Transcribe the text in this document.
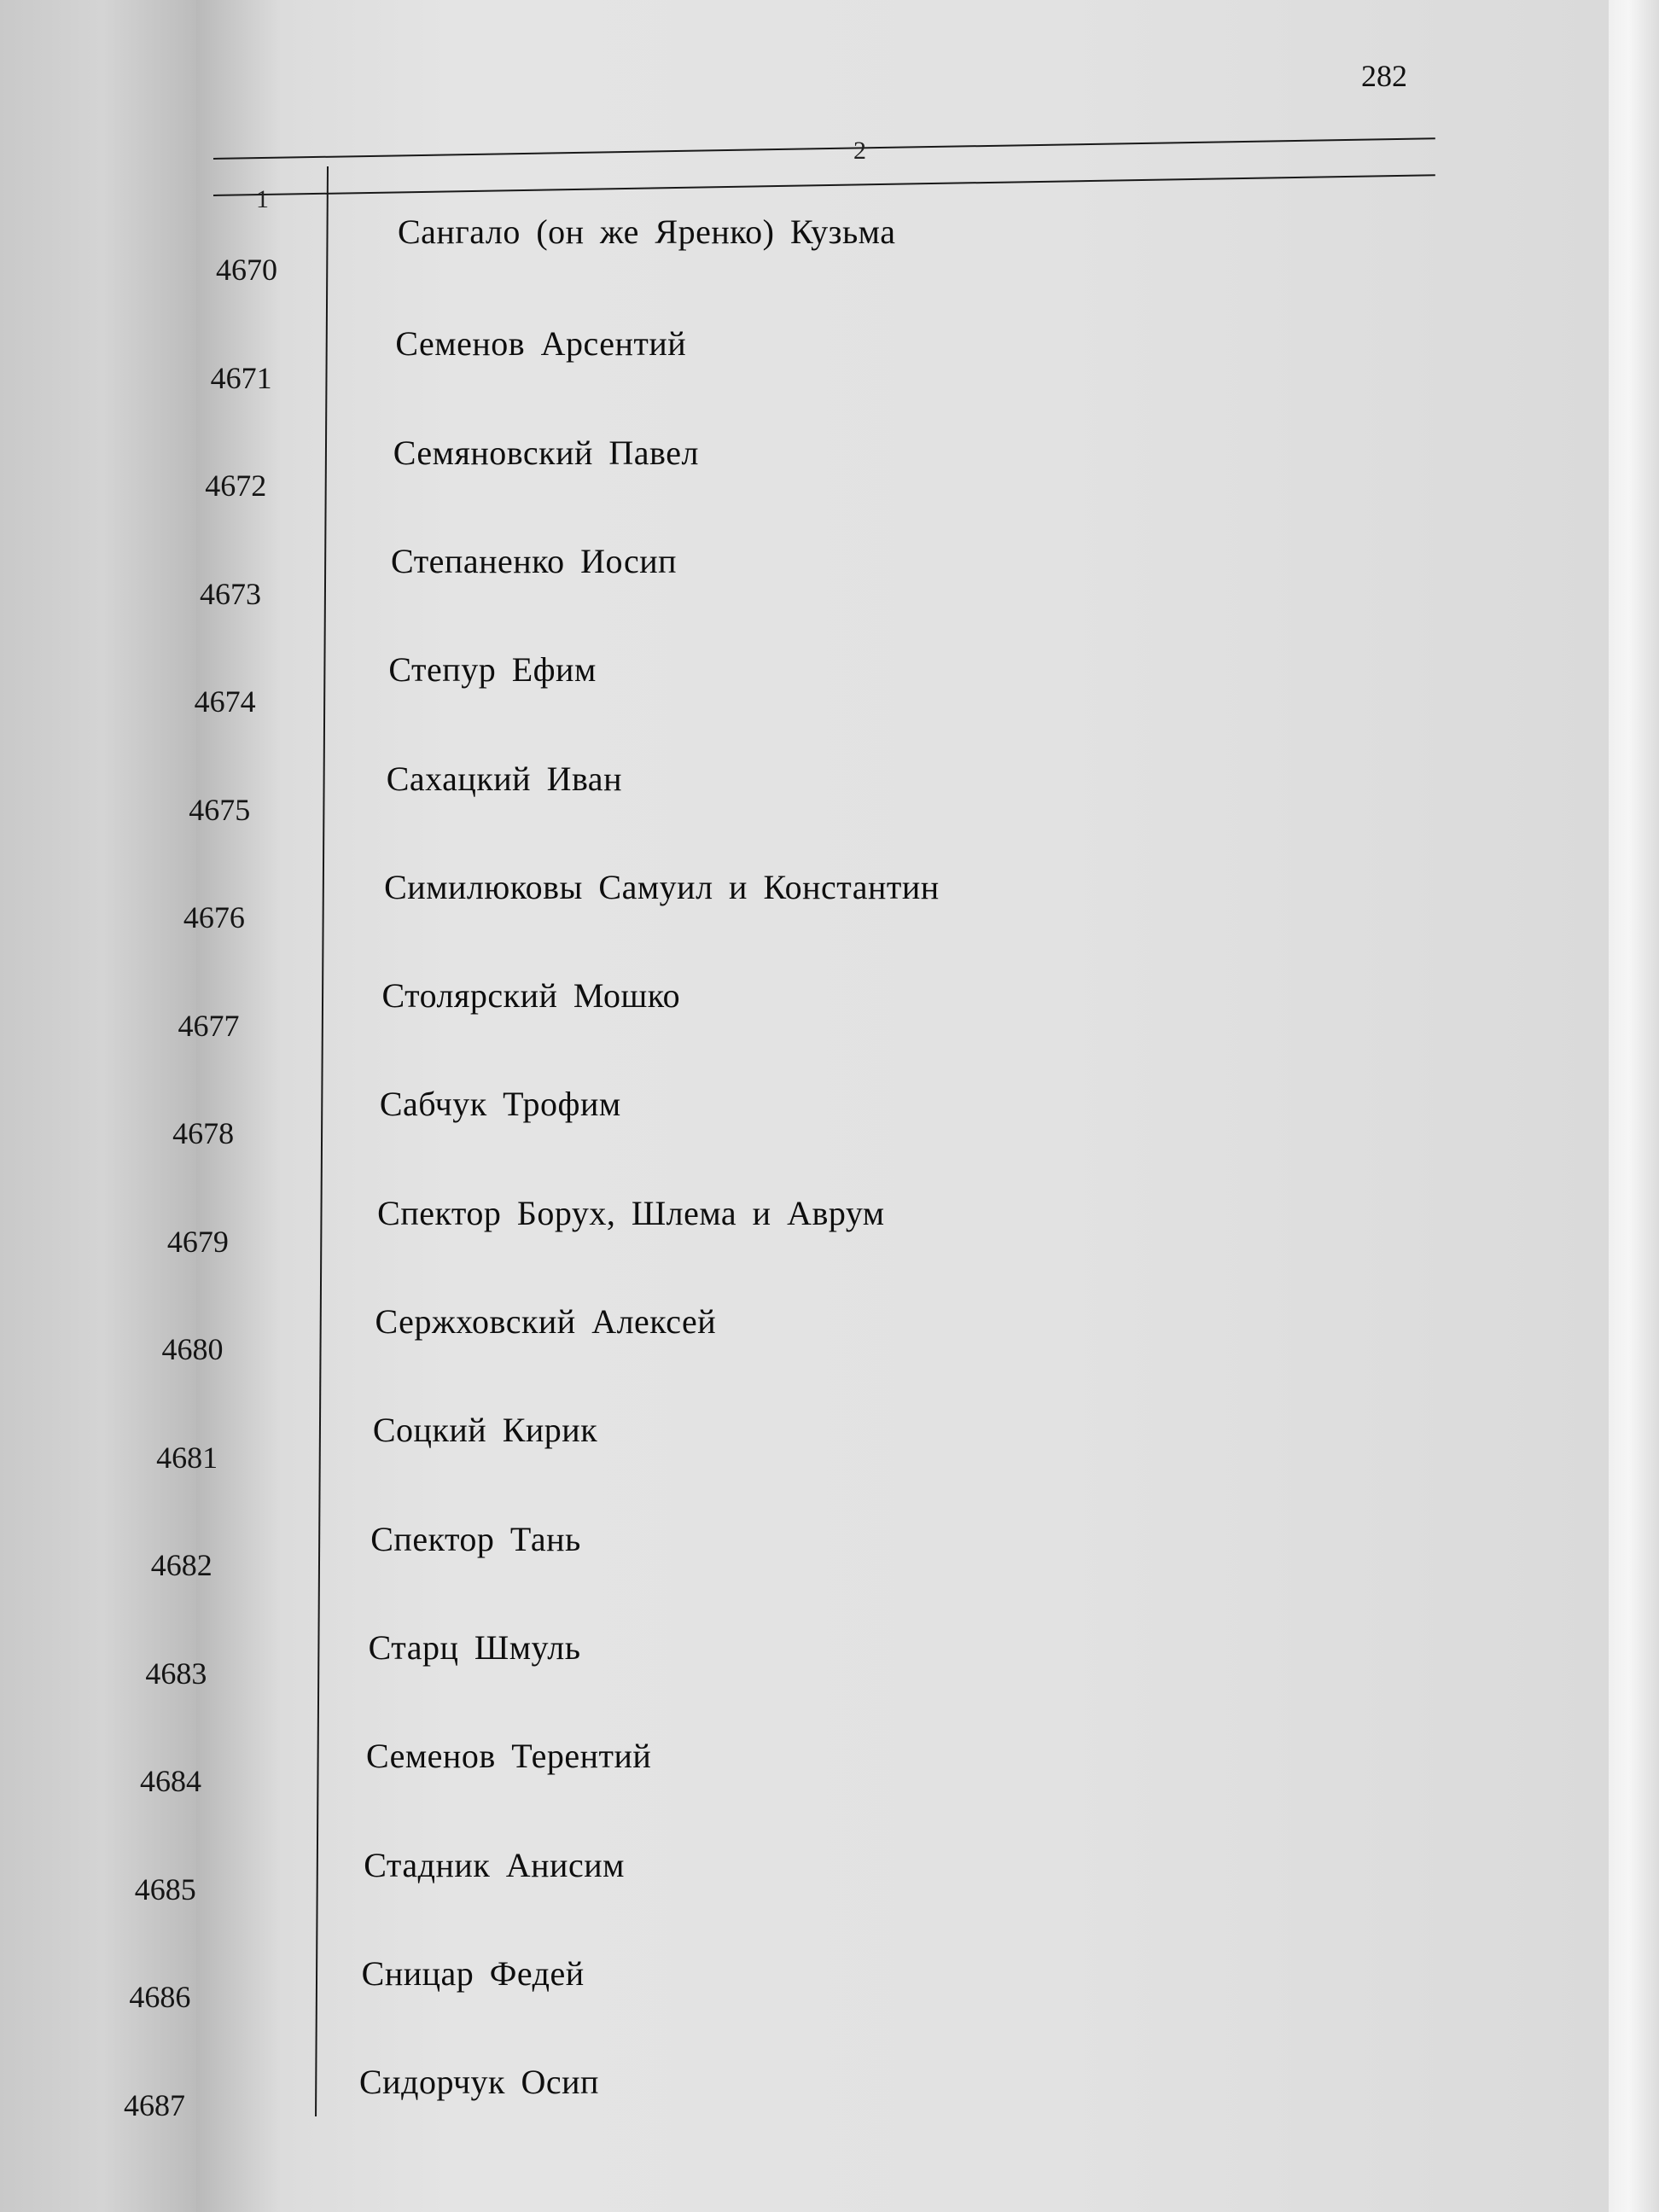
282
1
2
4670
Сангало (он же Яренко) Кузьма
4671
Семенов Арсентий
4672
Семяновский Павел
4673
Степаненко Иосип
4674
Степур Ефим
4675
Сахацкий Иван
4676
Симилюковы Самуил и Константин
4677
Столярский Мошко
4678
Сабчук Трофим
4679
Спектор Борух, Шлема и Аврум
4680
Сержховский Алексей
4681
Соцкий Кирик
4682
Спектор Тань
4683
Старц Шмуль
4684
Семенов Терентий
4685
Стадник Анисим
4686
Сницар Федей
4687
Сидорчук Осип
